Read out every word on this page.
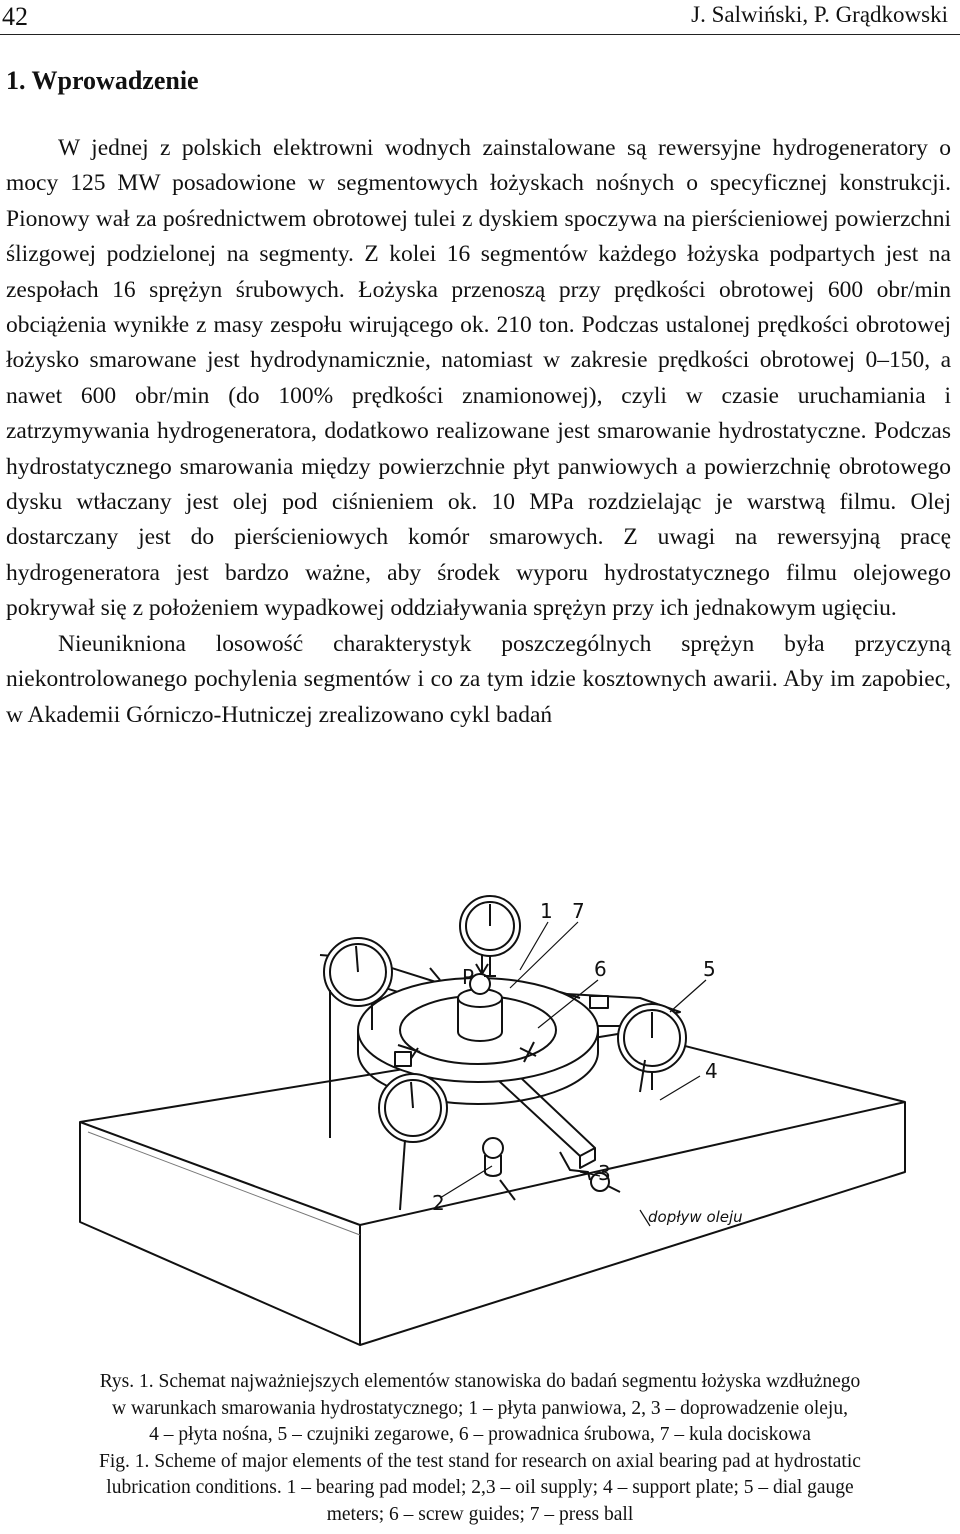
42	J. Salwiński, P. Grądkowski
1. Wprowadzenie

W jednej z polskich elektrowni wodnych zainstalowane są rewersyjne hydrogeneratory o mocy 125 MW posadowione w segmentowych łożyskach nośnych o specyficznej konstrukcji. Pionowy wał za pośrednictwem obrotowej tulei z dyskiem spoczywa na pierścieniowej powierzchni ślizgowej podzielonej na segmenty. Z kolei 16 segmentów każdego łożyska podpartych jest na zespołach 16 sprężyn śrubowych. Łożyska przenoszą przy prędkości obrotowej 600 obr/min obciążenia wynikłe z masy zespołu wirującego ok. 210 ton. Podczas ustalonej prędkości obrotowej łożysko smarowane jest hydrodynamicznie, natomiast w zakresie prędkości obrotowej 0–150, a nawet 600 obr/min (do 100% prędkości znamionowej), czyli w czasie uruchamiania i zatrzymywania hydrogeneratora, dodatkowo realizowane jest smarowanie hydrostatyczne. Podczas hydrostatycznego smarowania między powierzchnie płyt panwiowych a powierzchnię obrotowego dysku wtłaczany jest olej pod ciśnieniem ok. 10 MPa rozdzielając je warstwą filmu. Olej dostarczany jest do pierścieniowych komór smarowych. Z uwagi na rewersyjną pracę hydrogeneratora jest bardzo ważne, aby środek wyporu hydrostatycznego filmu olejowego pokrywał się z położeniem wypadkowej oddziaływania sprężyn przy ich jednakowym ugięciu.

Nieunikniona losowość charakterystyk poszczególnych sprężyn była przyczyną niekontrolowanego pochylenia segmentów i co za tym idzie kosztownych awarii. Aby im zapobiec, w Akademii Górniczo-Hutniczej zrealizowano cykl badań

1 7
6	5
4
3
2
P
dopływ oleju
Rys. 1. Schemat najważniejszych elementów stanowiska do badań segmentu łożyska wzdłużnego
w warunkach smarowania hydrostatycznego; 1 – płyta panwiowa, 2, 3 – doprowadzenie oleju,
4 – płyta nośna, 5 – czujniki zegarowe, 6 – prowadnica śrubowa, 7 – kula dociskowa
Fig. 1. Scheme of major elements of the test stand for research on axial bearing pad at hydrostatic
lubrication conditions. 1 – bearing pad model; 2,3 – oil supply; 4 – support plate; 5 – dial gauge
meters; 6 – screw guides; 7 – press ball
